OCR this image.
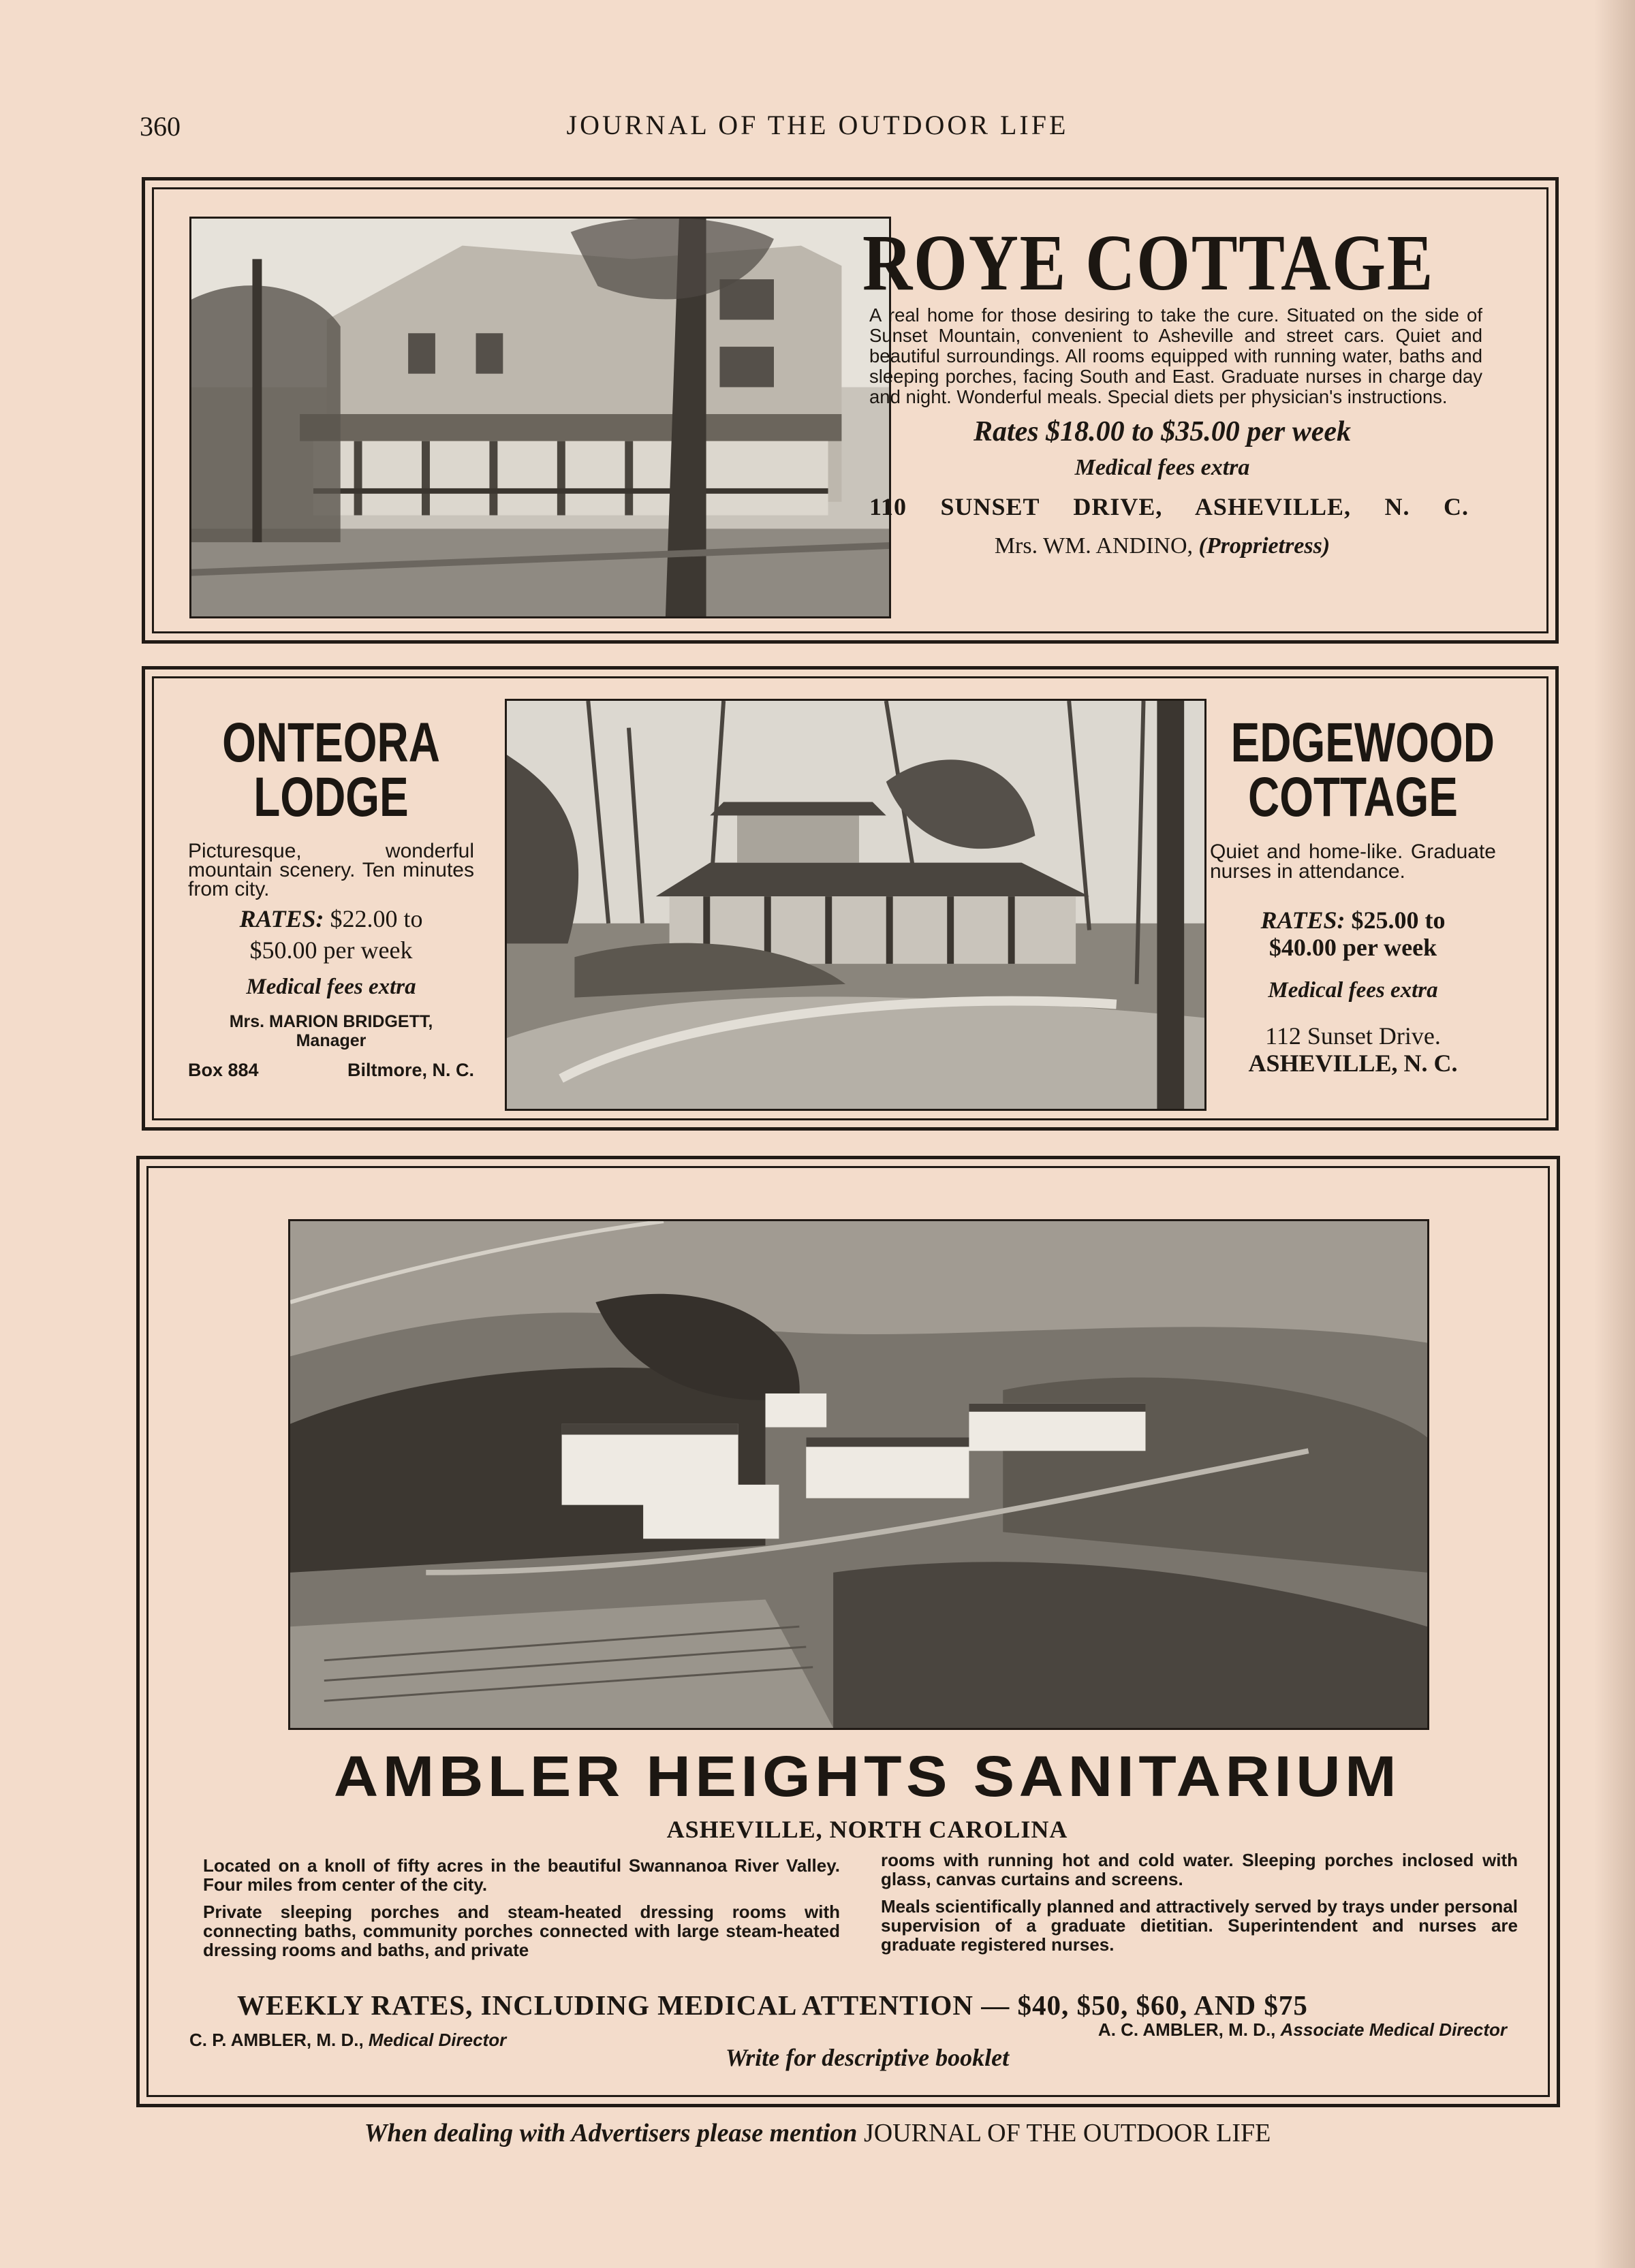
360	JOURNAL OF THE OUTDOOR LIFE
ROYE COTTAGE
A real home for those desiring to take the cure. Situated on the side of Sunset Mountain, convenient to Asheville and street cars. Quiet and beautiful surroundings. All rooms equipped with running water, baths and sleeping porches, facing South and East. Graduate nurses in charge day and night. Wonderful meals. Special diets per physician's instructions.
Rates $18.00 to $35.00 per week
Medical fees extra
110 SUNSET DRIVE, ASHEVILLE, N. C.
Mrs. WM. ANDINO, (Proprietress)
ONTEORA
LODGE
Picturesque, wonderful mountain scenery. Ten minutes from city.
RATES: $22.00 to
$50.00 per week
Medical fees extra
Mrs. MARION BRIDGETT,
Manager
Box 884	Biltmore, N. C.
EDGEWOOD
COTTAGE
Quiet and home-like. Graduate nurses in attendance.
RATES: $25.00 to
$40.00 per week
Medical fees extra
112 Sunset Drive.
ASHEVILLE, N. C.
AMBLER HEIGHTS SANITARIUM
ASHEVILLE, NORTH CAROLINA

Located on a knoll of fifty acres in the beautiful Swannanoa River Valley. Four miles from center of the city.

Private sleeping porches and steam-heated dressing rooms with connecting baths, community porches connected with large steam-heated dressing rooms and baths, and private

rooms with running hot and cold water. Sleeping porches inclosed with glass, canvas curtains and screens.

Meals scientifically planned and attractively served by trays under personal supervision of a graduate dietitian. Superintendent and nurses are graduate registered nurses.

WEEKLY RATES, INCLUDING MEDICAL ATTENTION — $40, $50, $60, AND $75
C. P. AMBLER, M. D., Medical Director	A. C. AMBLER, M. D., Associate Medical Director
Write for descriptive booklet
When dealing with Advertisers please mention JOURNAL OF THE OUTDOOR LIFE
